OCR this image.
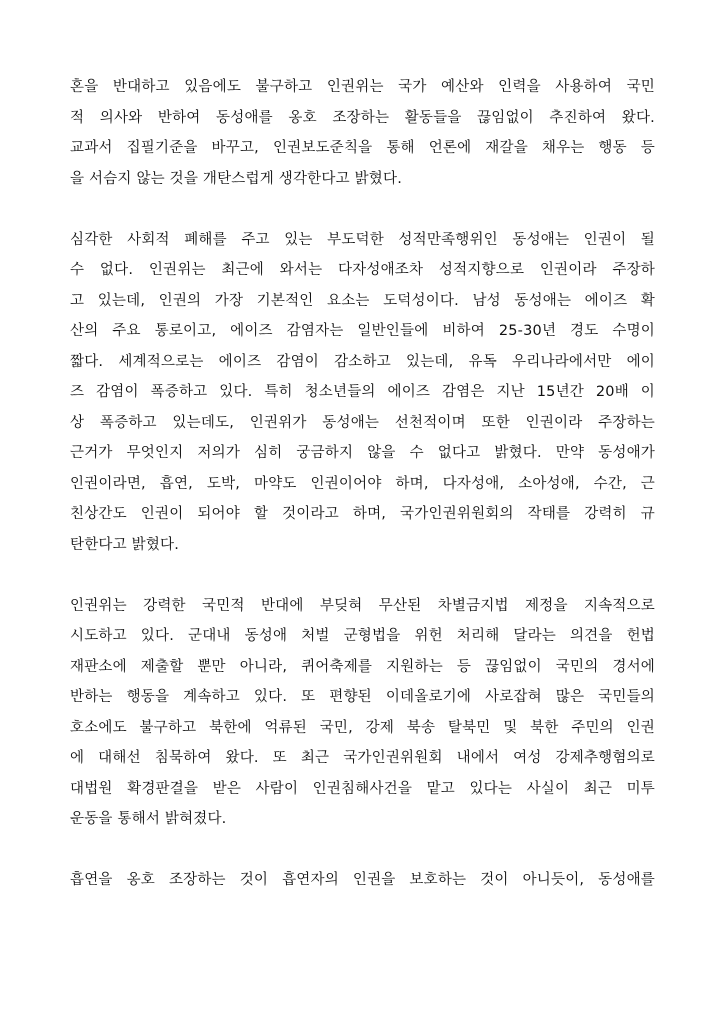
혼을 반대하고 있음에도 불구하고 인권위는 국가 예산와 인력을 사용하여 국민
적 의사와 반하여 동성애를 옹호 조장하는 활동들을 끊임없이 추진하여 왔다.
교과서 집필기준을 바꾸고, 인권보도준칙을 통해 언론에 재갈을 채우는 행동 등
을 서슴지 않는 것을 개탄스럽게 생각한다고 밝혔다.
심각한 사회적 폐해를 주고 있는 부도덕한 성적만족행위인 동성애는 인권이 될
수 없다. 인권위는 최근에 와서는 다자성애조차 성적지향으로 인권이라 주장하
고 있는데, 인권의 가장 기본적인 요소는 도덕성이다. 남성 동성애는 에이즈 확
산의 주요 통로이고, 에이즈 감염자는 일반인들에 비하여 25-30년 경도 수명이
짧다. 세계적으로는 에이즈 감염이 감소하고 있는데, 유독 우리나라에서만 에이
즈 감염이 폭증하고 있다. 특히 청소년들의 에이즈 감염은 지난 15년간 20배 이
상 폭증하고 있는데도, 인권위가 동성애는 선천적이며 또한 인권이라 주장하는
근거가 무엇인지 저의가 심히 궁금하지 않을 수 없다고 밝혔다. 만약 동성애가
인권이라면, 흡연, 도박, 마약도 인권이어야 하며, 다자성애, 소아성애, 수간, 근
친상간도 인권이 되어야 할 것이라고 하며, 국가인권위원회의 작태를 강력히 규
탄한다고 밝혔다.
인권위는 강력한 국민적 반대에 부딪혀 무산된 차별금지법 제정을 지속적으로
시도하고 있다. 군대내 동성애 처벌 군형법을 위헌 처리해 달라는 의견을 헌법
재판소에 제출할 뿐만 아니라, 퀴어축제를 지원하는 등 끊임없이 국민의 경서에
반하는 행동을 계속하고 있다. 또 편향된 이데올로기에 사로잡혀 많은 국민들의
호소에도 불구하고 북한에 억류된 국민, 강제 북송 탈북민 및 북한 주민의 인권
에 대해선 침묵하여 왔다. 또 최근 국가인권위원회 내에서 여성 강제추행혐의로
대법원 확경판결을 받은 사람이 인권침해사건을 맡고 있다는 사실이 최근 미투
운동을 통해서 밝혀졌다.
흡연을 옹호 조장하는 것이 흡연자의 인권을 보호하는 것이 아니듯이, 동성애를
